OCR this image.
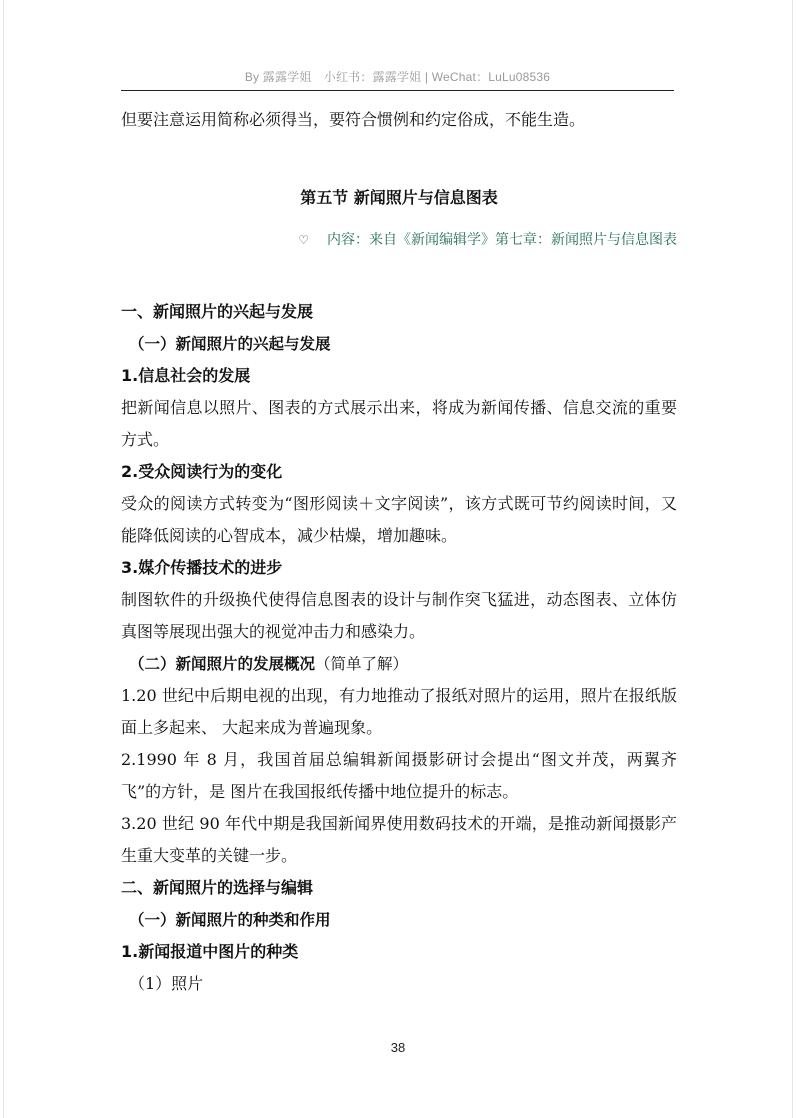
By 露露学姐　小红书：露露学姐 | WeChat：LuLu08536

但要注意运用简称必须得当，要符合惯例和约定俗成，不能生造。

第五节 新闻照片与信息图表

♡ 内容：来自《新闻编辑学》第七章：新闻照片与信息图表

一、新闻照片的兴起与发展

（一）新闻照片的兴起与发展

1.信息社会的发展

把新闻信息以照片、图表的方式展示出来，将成为新闻传播、信息交流的重要方式。

2.受众阅读行为的变化

受众的阅读方式转变为“图形阅读＋文字阅读”，该方式既可节约阅读时间，又能降低阅读的心智成本，减少枯燥，增加趣味。

3.媒介传播技术的进步

制图软件的升级换代使得信息图表的设计与制作突飞猛进，动态图表、立体仿真图等展现出强大的视觉冲击力和感染力。

（二）新闻照片的发展概况（简单了解）

1.20 世纪中后期电视的出现，有力地推动了报纸对照片的运用，照片在报纸版面上多起来、 大起来成为普遍现象。

2.1990 年 8 月，我国首届总编辑新闻摄影研讨会提出“图文并茂，两翼齐飞”的方针，是 图片在我国报纸传播中地位提升的标志。

3.20 世纪 90 年代中期是我国新闻界使用数码技术的开端，是推动新闻摄影产生重大变革的关键一步。

二、新闻照片的选择与编辑

（一）新闻照片的种类和作用

1.新闻报道中图片的种类

（1）照片

38
